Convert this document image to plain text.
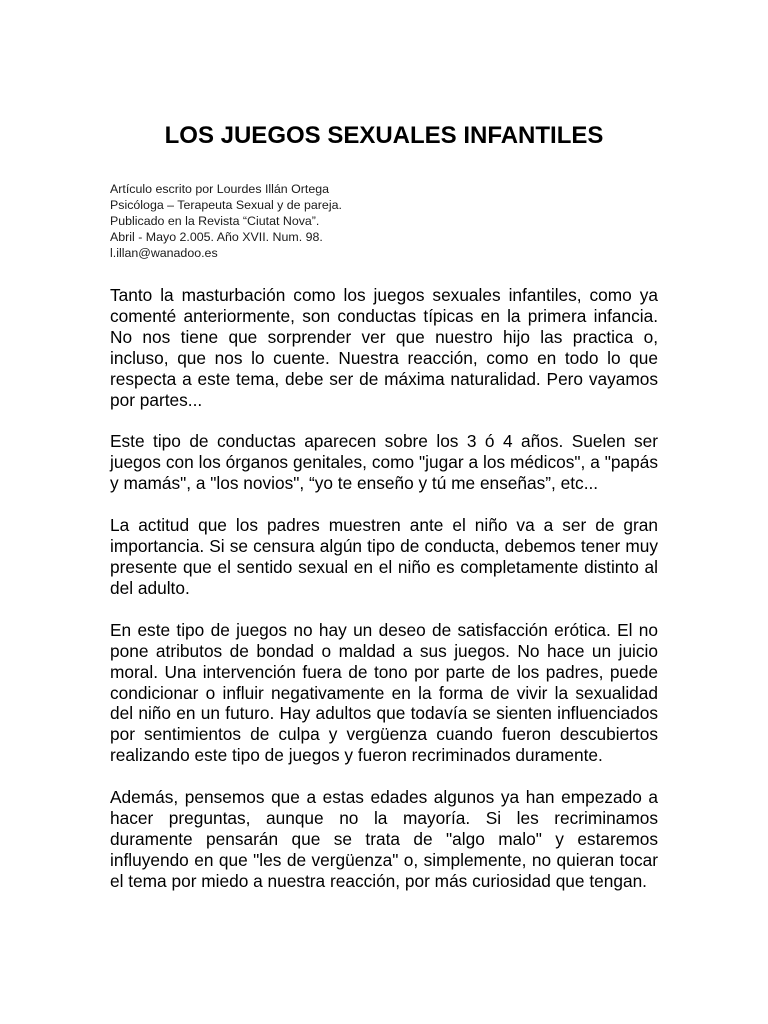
LOS JUEGOS SEXUALES INFANTILES
Artículo escrito por Lourdes Illán Ortega
Psicóloga – Terapeuta Sexual y de pareja.
Publicado en la Revista “Ciutat Nova”.
Abril - Mayo 2.005. Año XVII. Num. 98.
l.illan@wanadoo.es

Tanto la masturbación como los juegos sexuales infantiles, como ya comenté anteriormente, son conductas típicas en la primera infancia. No nos tiene que sorprender ver que nuestro hijo las practica o, incluso, que nos lo cuente. Nuestra reacción, como en todo lo que respecta a este tema, debe ser de máxima naturalidad. Pero vayamos por partes...

Este tipo de conductas aparecen sobre los 3 ó 4 años. Suelen ser juegos con los órganos genitales, como "jugar a los médicos", a "papás y mamás", a "los novios", “yo te enseño y tú me enseñas”, etc...

La actitud que los padres muestren ante el niño va a ser de gran importancia. Si se censura algún tipo de conducta, debemos tener muy presente que el sentido sexual en el niño es completamente distinto al del adulto.

En este tipo de juegos no hay un deseo de satisfacción erótica. El no pone atributos de bondad o maldad a sus juegos. No hace un juicio moral. Una intervención fuera de tono por parte de los padres, puede condicionar o influir negativamente en la forma de vivir la sexualidad del niño en un futuro. Hay adultos que todavía se sienten influenciados por sentimientos de culpa y vergüenza cuando fueron descubiertos realizando este tipo de juegos y fueron recriminados duramente.

Además, pensemos que a estas edades algunos ya han empezado a hacer preguntas, aunque no la mayoría. Si les recriminamos duramente pensarán que se trata de "algo malo" y estaremos influyendo en que "les de vergüenza" o, simplemente, no quieran tocar el tema por miedo a nuestra reacción, por más curiosidad que tengan.
